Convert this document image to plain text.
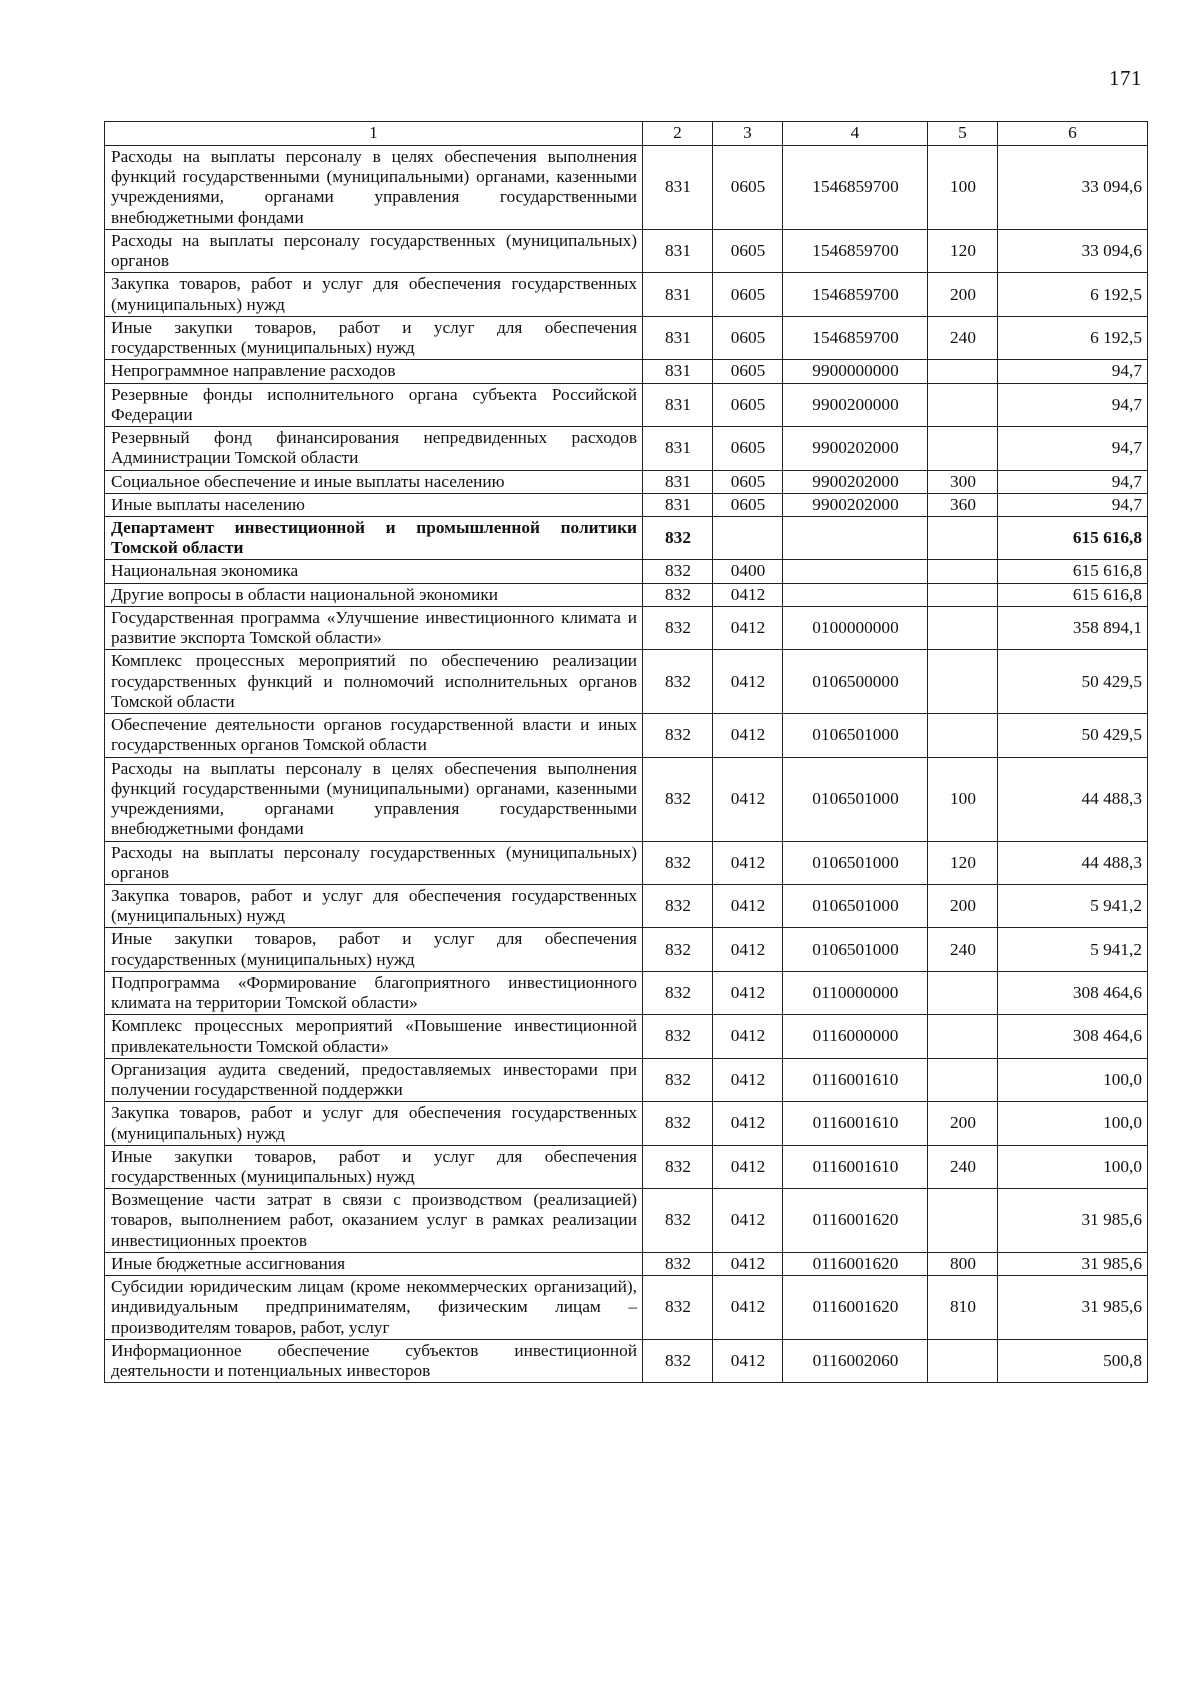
171
1	2	3	4	5	6
Расходы на выплаты персоналу в целях обеспечения выполнения функций государственными (муниципальными) органами, казенными учреждениями, органами управления государственными внебюджетными фондами	831	0605	1546859700	100	33 094,6
Расходы на выплаты персоналу государственных (муниципальных) органов	831	0605	1546859700	120	33 094,6
Закупка товаров, работ и услуг для обеспечения государственных (муниципальных) нужд	831	0605	1546859700	200	6 192,5
Иные закупки товаров, работ и услуг для обеспечения государственных (муниципальных) нужд	831	0605	1546859700	240	6 192,5
Непрограммное направление расходов	831	0605	9900000000		94,7
Резервные фонды исполнительного органа субъекта Российской Федерации	831	0605	9900200000		94,7
Резервный фонд финансирования непредвиденных расходов Администрации Томской области	831	0605	9900202000		94,7
Социальное обеспечение и иные выплаты населению	831	0605	9900202000	300	94,7
Иные выплаты населению	831	0605	9900202000	360	94,7
Департамент инвестиционной и промышленной политики Томской области	832				615 616,8
Национальная экономика	832	0400			615 616,8
Другие вопросы в области национальной экономики	832	0412			615 616,8
Государственная программа «Улучшение инвестиционного климата и развитие экспорта Томской области»	832	0412	0100000000		358 894,1
Комплекс процессных мероприятий по обеспечению реализации государственных функций и полномочий исполнительных органов Томской области	832	0412	0106500000		50 429,5
Обеспечение деятельности органов государственной власти и иных государственных органов Томской области	832	0412	0106501000		50 429,5
Расходы на выплаты персоналу в целях обеспечения выполнения функций государственными (муниципальными) органами, казенными учреждениями, органами управления государственными внебюджетными фондами	832	0412	0106501000	100	44 488,3
Расходы на выплаты персоналу государственных (муниципальных) органов	832	0412	0106501000	120	44 488,3
Закупка товаров, работ и услуг для обеспечения государственных (муниципальных) нужд	832	0412	0106501000	200	5 941,2
Иные закупки товаров, работ и услуг для обеспечения государственных (муниципальных) нужд	832	0412	0106501000	240	5 941,2
Подпрограмма «Формирование благоприятного инвестиционного климата на территории Томской области»	832	0412	0110000000		308 464,6
Комплекс процессных мероприятий «Повышение инвестиционной привлекательности Томской области»	832	0412	0116000000		308 464,6
Организация аудита сведений, предоставляемых инвесторами при получении государственной поддержки	832	0412	0116001610		100,0
Закупка товаров, работ и услуг для обеспечения государственных (муниципальных) нужд	832	0412	0116001610	200	100,0
Иные закупки товаров, работ и услуг для обеспечения государственных (муниципальных) нужд	832	0412	0116001610	240	100,0
Возмещение части затрат в связи с производством (реализацией) товаров, выполнением работ, оказанием услуг в рамках реализации инвестиционных проектов	832	0412	0116001620		31 985,6
Иные бюджетные ассигнования	832	0412	0116001620	800	31 985,6
Субсидии юридическим лицам (кроме некоммерческих организаций), индивидуальным предпринимателям, физическим лицам – производителям товаров, работ, услуг	832	0412	0116001620	810	31 985,6
Информационное обеспечение субъектов инвестиционной деятельности и потенциальных инвесторов	832	0412	0116002060		500,8
